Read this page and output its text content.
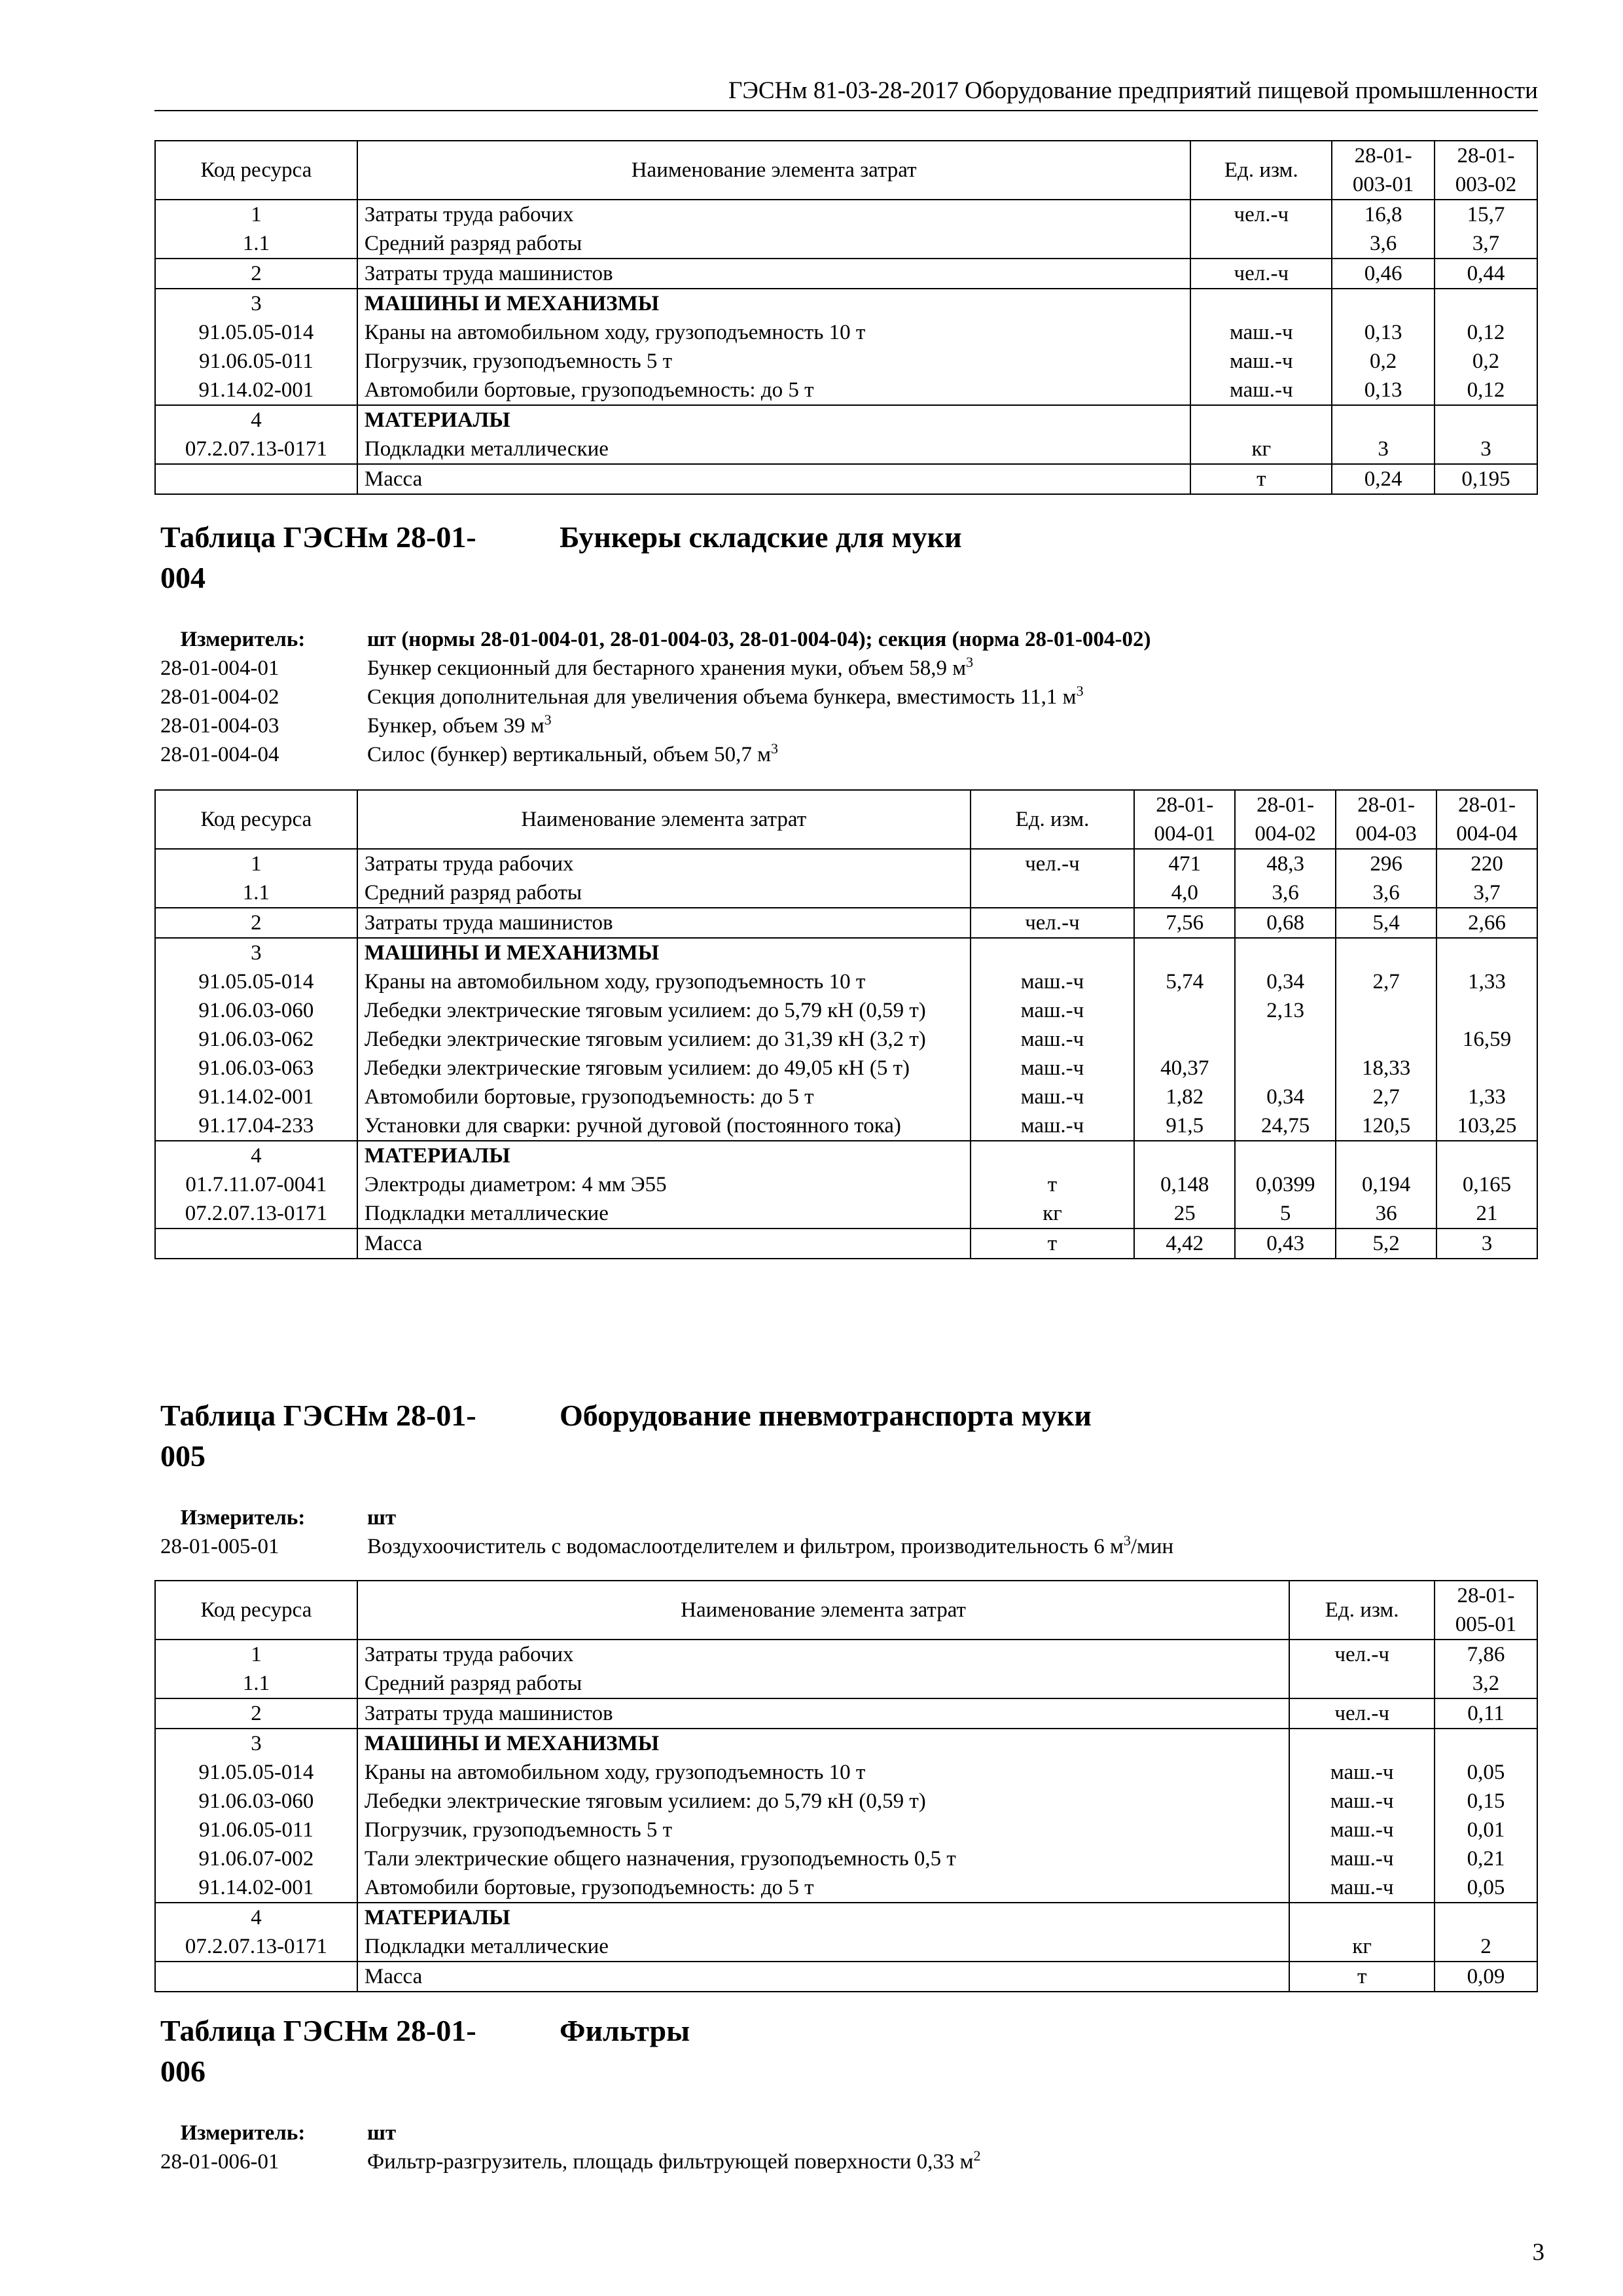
ГЭСНм 81-03-28-2017 Оборудование предприятий пищевой промышленности
Код ресурса	Наименование элемента затрат	Ед. изм.	28-01-
003-01	28-01-
003-02
1	Затраты труда рабочих	чел.-ч	16,8	15,7
1.1	Средний разряд работы		3,6	3,7
2	Затраты труда машинистов	чел.-ч	0,46	0,44
3	МАШИНЫ И МЕХАНИЗМЫ			
91.05.05-014	Краны на автомобильном ходу, грузоподъемность 10 т	маш.-ч	0,13	0,12
91.06.05-011	Погрузчик, грузоподъемность 5 т	маш.-ч	0,2	0,2
91.14.02-001	Автомобили бортовые, грузоподъемность: до 5 т	маш.-ч	0,13	0,12
4	МАТЕРИАЛЫ			
07.2.07.13-0171	Подкладки металлические	кг	3	3
	Масса	т	0,24	0,195
Таблица ГЭСНм 28-01-
004
Бункеры складские для муки
Измеритель:	шт (нормы 28-01-004-01, 28-01-004-03, 28-01-004-04); секция (норма 28-01-004-02)
28-01-004-01	Бункер секционный для бестарного хранения муки, объем 58,9 $м^3$
28-01-004-02	Секция дополнительная для увеличения объема бункера, вместимость 11,1 $м^3$
28-01-004-03	Бункер, объем 39 $м^3$
28-01-004-04	Силос (бункер) вертикальный, объем 50,7 $м^3$
Код ресурса	Наименование элемента затрат	Ед. изм.	28-01-
004-01	28-01-
004-02	28-01-
004-03	28-01-
004-04
1	Затраты труда рабочих	чел.-ч	471	48,3	296	220
1.1	Средний разряд работы		4,0	3,6	3,6	3,7
2	Затраты труда машинистов	чел.-ч	7,56	0,68	5,4	2,66
3	МАШИНЫ И МЕХАНИЗМЫ					
91.05.05-014	Краны на автомобильном ходу, грузоподъемность 10 т	маш.-ч	5,74	0,34	2,7	1,33
91.06.03-060	Лебедки электрические тяговым усилием: до 5,79 кН (0,59 т)	маш.-ч		2,13		
91.06.03-062	Лебедки электрические тяговым усилием: до 31,39 кН (3,2 т)	маш.-ч				16,59
91.06.03-063	Лебедки электрические тяговым усилием: до 49,05 кН (5 т)	маш.-ч	40,37		18,33	
91.14.02-001	Автомобили бортовые, грузоподъемность: до 5 т	маш.-ч	1,82	0,34	2,7	1,33
91.17.04-233	Установки для сварки: ручной дуговой (постоянного тока)	маш.-ч	91,5	24,75	120,5	103,25
4	МАТЕРИАЛЫ					
01.7.11.07-0041	Электроды диаметром: 4 мм Э55	т	0,148	0,0399	0,194	0,165
07.2.07.13-0171	Подкладки металлические	кг	25	5	36	21
	Масса	т	4,42	0,43	5,2	3
Таблица ГЭСНм 28-01-
005
Оборудование пневмотранспорта муки
Измеритель:	шт
28-01-005-01	Воздухоочиститель с водомаслоотделителем и фильтром, производительность 6 $м^3$/мин
Код ресурса	Наименование элемента затрат	Ед. изм.	28-01-
005-01
1	Затраты труда рабочих	чел.-ч	7,86
1.1	Средний разряд работы		3,2
2	Затраты труда машинистов	чел.-ч	0,11
3	МАШИНЫ И МЕХАНИЗМЫ		
91.05.05-014	Краны на автомобильном ходу, грузоподъемность 10 т	маш.-ч	0,05
91.06.03-060	Лебедки электрические тяговым усилием: до 5,79 кН (0,59 т)	маш.-ч	0,15
91.06.05-011	Погрузчик, грузоподъемность 5 т	маш.-ч	0,01
91.06.07-002	Тали электрические общего назначения, грузоподъемность 0,5 т	маш.-ч	0,21
91.14.02-001	Автомобили бортовые, грузоподъемность: до 5 т	маш.-ч	0,05
4	МАТЕРИАЛЫ		
07.2.07.13-0171	Подкладки металлические	кг	2
	Масса	т	0,09
Таблица ГЭСНм 28-01-
006
Фильтры
Измеритель:	шт
28-01-006-01	Фильтр-разгрузитель, площадь фильтрующей поверхности 0,33 $м^2$
3
